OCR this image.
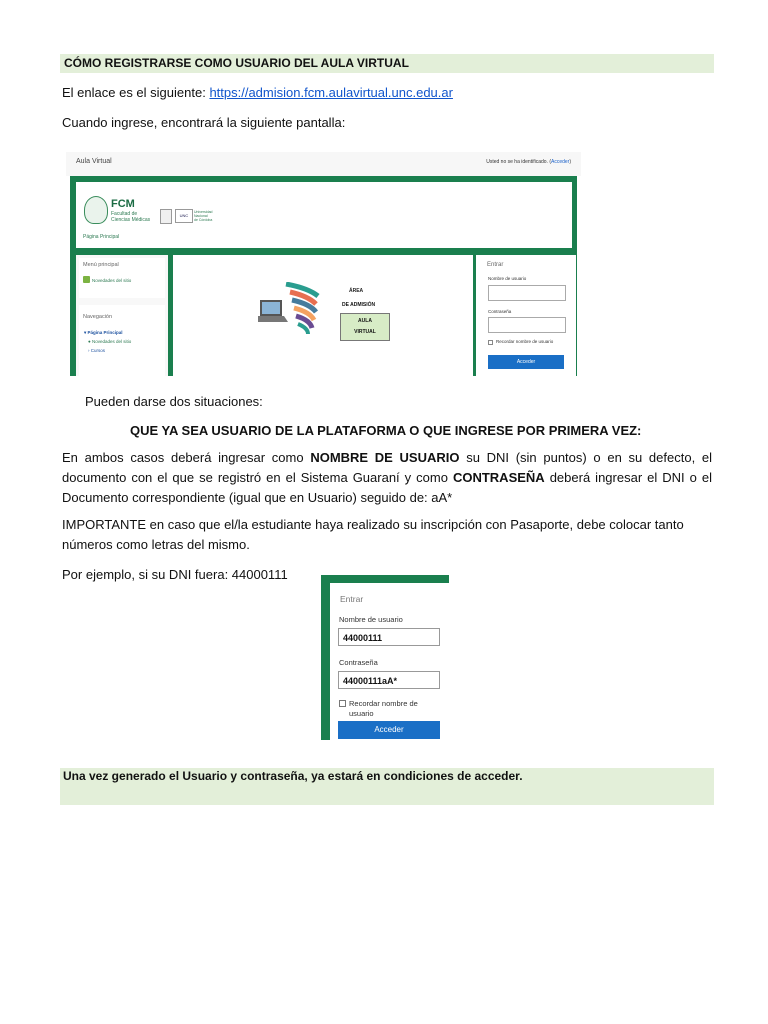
CÓMO REGISTRARSE COMO USUARIO DEL AULA VIRTUAL
El enlace es el siguiente: https://admision.fcm.aulavirtual.unc.edu.ar
Cuando ingrese, encontrará la siguiente pantalla:
Aula Virtual	Usted no se ha identificado. (Acceder)
FCM
Facultad de
Ciencias Médicas
UNC
Universidad
Nacional
de Córdoba
Página Principal
Menú principal
Novedades del sitio
Navegación
▾ Página Principal
● Novedades del sitio
› Cursos
ÁREA
DE ADMISIÓN
AULA
VIRTUAL
Entrar
Nombre de usuario
Contraseña
Recordar nombre de usuario
Acceder
Pueden darse dos situaciones:
QUE YA SEA USUARIO DE LA PLATAFORMA O QUE INGRESE POR PRIMERA VEZ:
En ambos casos deberá ingresar como NOMBRE DE USUARIO su DNI (sin puntos) o en su defecto, el documento con el que se registró en el Sistema Guaraní y como CONTRASEÑA deberá ingresar el DNI o el Documento correspondiente (igual que en Usuario) seguido de: aA*
IMPORTANTE en caso que el/la estudiante haya realizado su inscripción con Pasaporte, debe colocar tanto números como letras del mismo.
Por ejemplo, si su DNI fuera: 44000111
Entrar
Nombre de usuario
44000111
Contraseña
44000111aA*
Recordar nombre de
usuario
Acceder
Una vez generado el Usuario y contraseña, ya estará en condiciones de acceder.
